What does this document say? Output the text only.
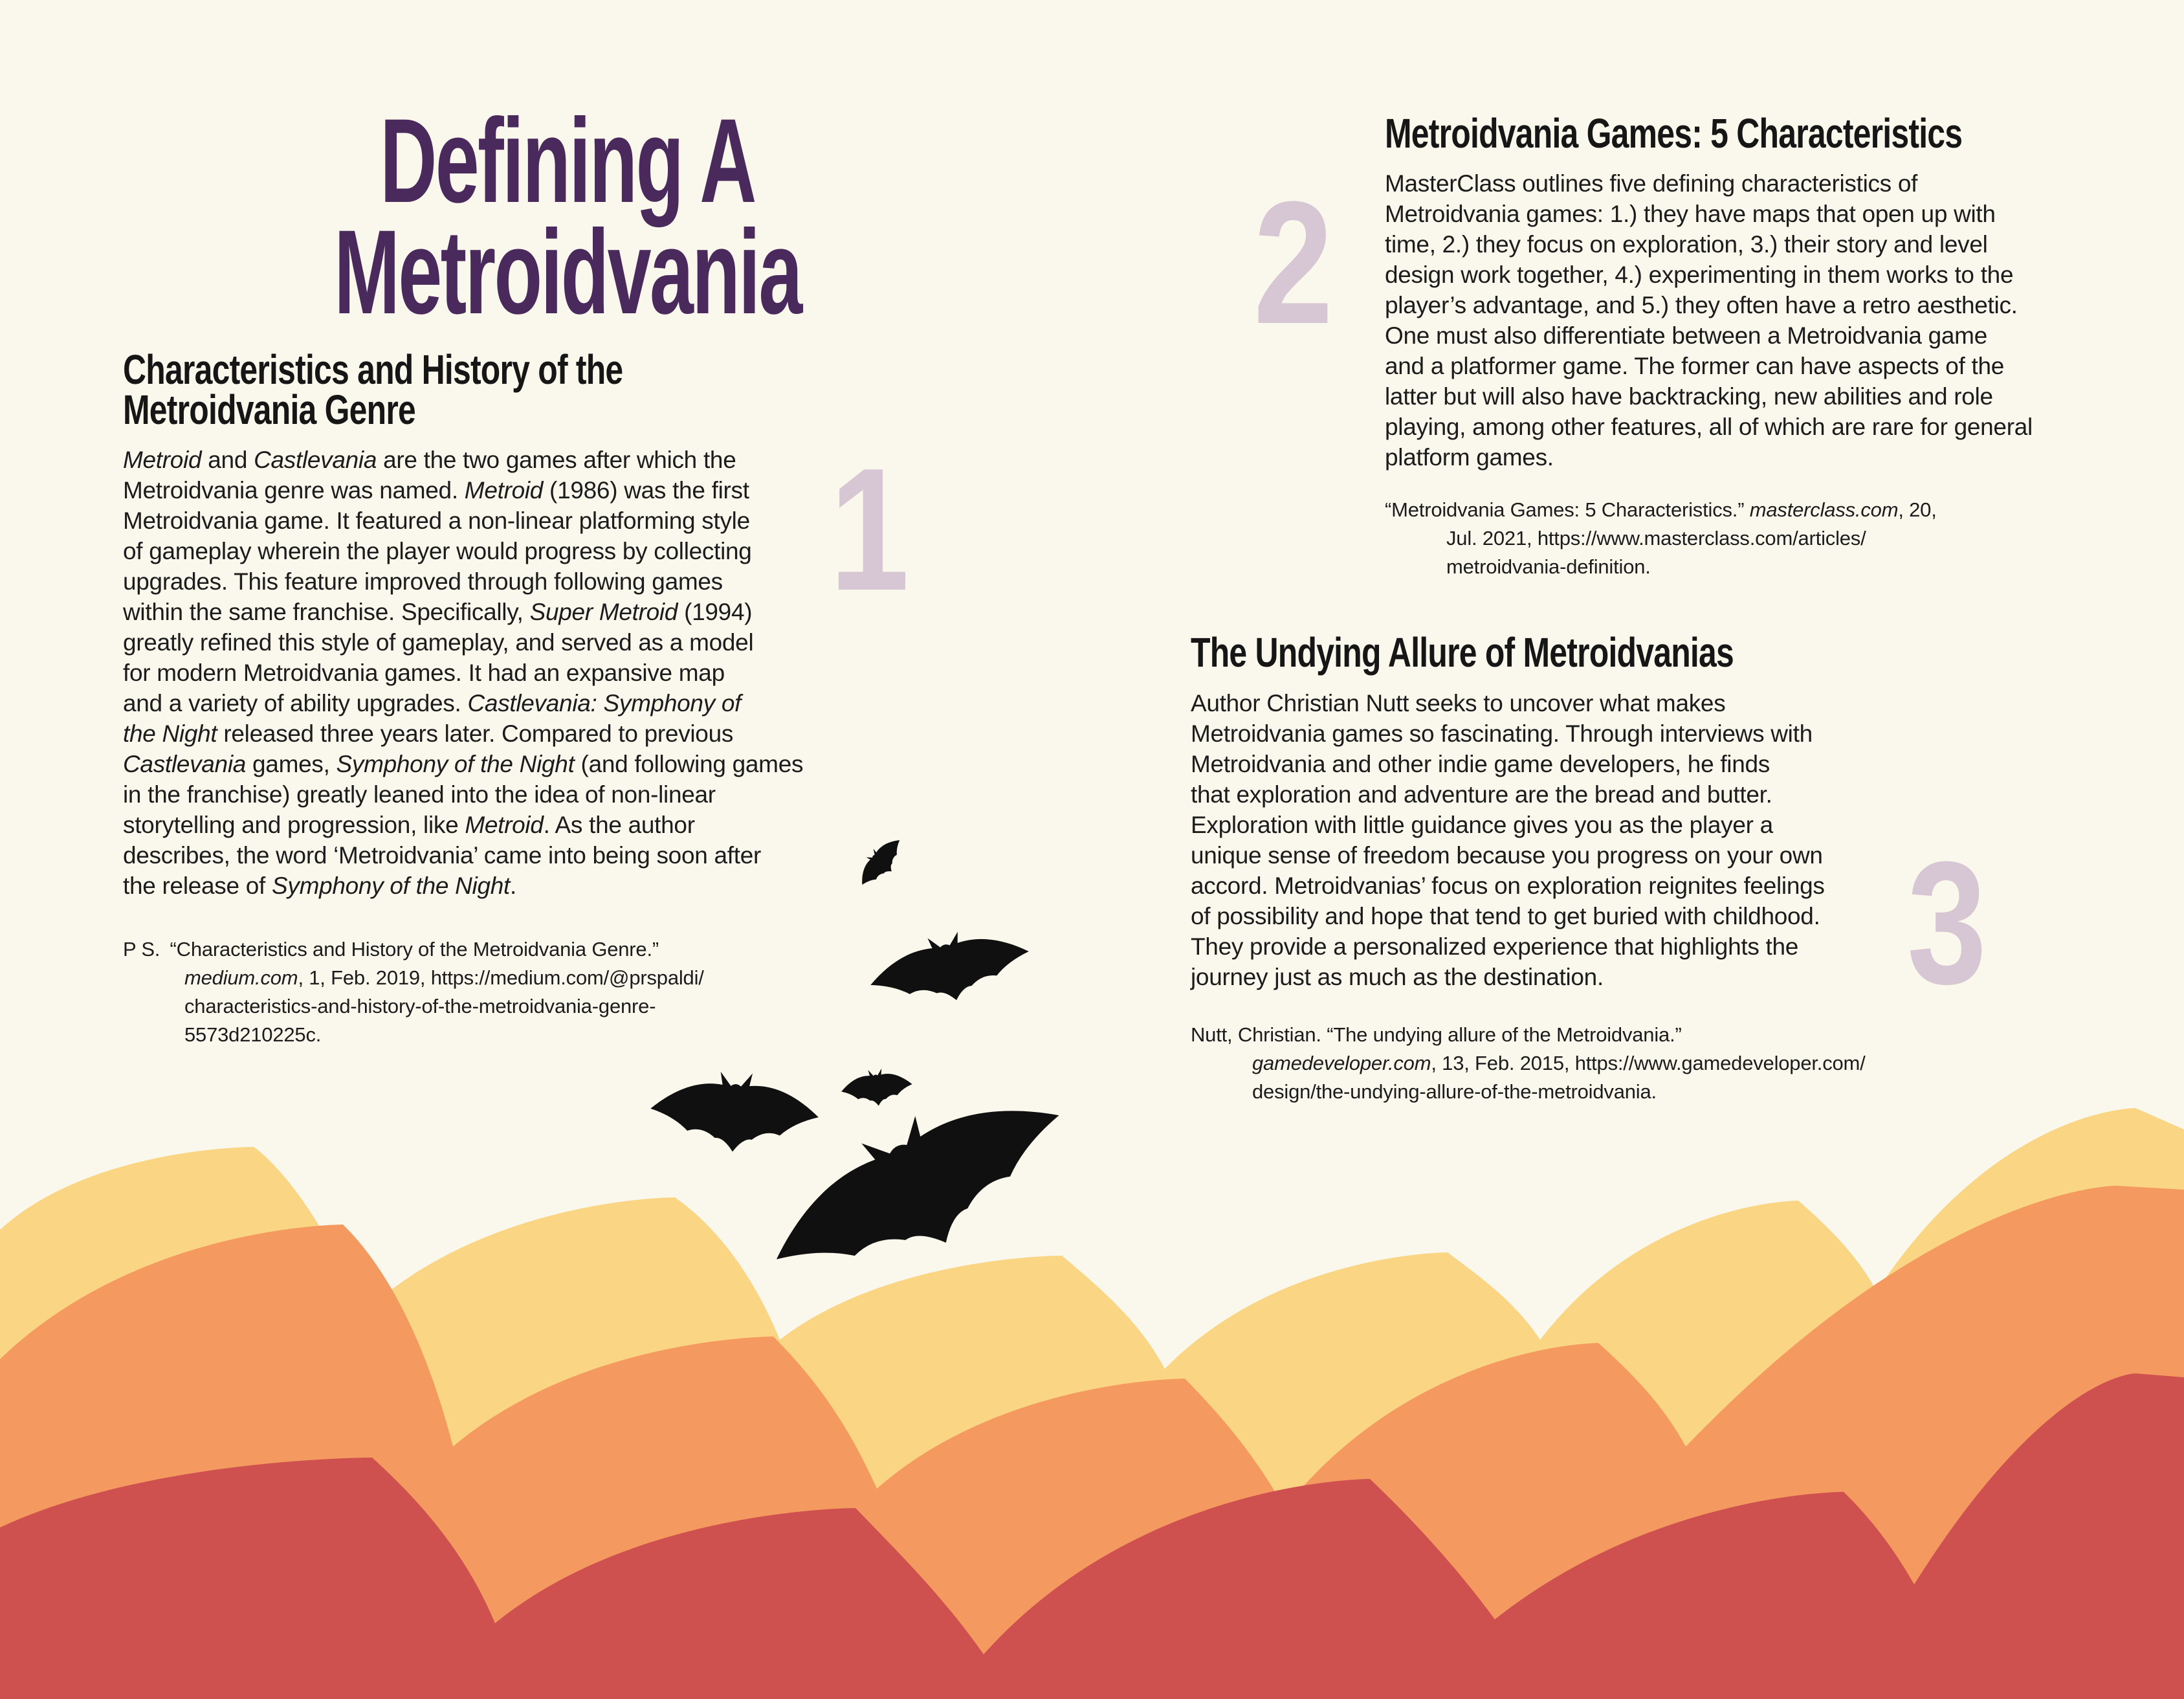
Defining A
Metroidvania
1
2
3
Characteristics and History of the
Metroidvania Genre

Metroid and Castlevania are the two games after which the
Metroidvania genre was named. Metroid (1986) was the first
Metroidvania game. It featured a non-linear platforming style
of gameplay wherein the player would progress by collecting
upgrades. This feature improved through following games
within the same franchise. Specifically, Super Metroid (1994)
greatly refined this style of gameplay, and served as a model
for modern Metroidvania games. It had an expansive map
and a variety of ability upgrades. Castlevania: Symphony of
the Night released three years later. Compared to previous
Castlevania games, Symphony of the Night (and following games
in the franchise) greatly leaned into the idea of non-linear
storytelling and progression, like Metroid. As the author
describes, the word ‘Metroidvania’ came into being soon after
the release of Symphony of the Night.

P S. “Characteristics and History of the Metroidvania Genre.”
medium.com, 1, Feb. 2019, https://medium.com/@prspaldi/
characteristics-and-history-of-the-metroidvania-genre-
5573d210225c.

Metroidvania Games: 5 Characteristics

MasterClass outlines five defining characteristics of
Metroidvania games: 1.) they have maps that open up with
time, 2.) they focus on exploration, 3.) their story and level
design work together, 4.) experimenting in them works to the
player’s advantage, and 5.) they often have a retro aesthetic.
One must also differentiate between a Metroidvania game
and a platformer game. The former can have aspects of the
latter but will also have backtracking, new abilities and role
playing, among other features, all of which are rare for general
platform games.

“Metroidvania Games: 5 Characteristics.” masterclass.com, 20,
Jul. 2021, https://www.masterclass.com/articles/
metroidvania-definition.

The Undying Allure of Metroidvanias

Author Christian Nutt seeks to uncover what makes
Metroidvania games so fascinating. Through interviews with
Metroidvania and other indie game developers, he finds
that exploration and adventure are the bread and butter.
Exploration with little guidance gives you as the player a
unique sense of freedom because you progress on your own
accord. Metroidvanias’ focus on exploration reignites feelings
of possibility and hope that tend to get buried with childhood.
They provide a personalized experience that highlights the
journey just as much as the destination.

Nutt, Christian. “The undying allure of the Metroidvania.”
gamedeveloper.com, 13, Feb. 2015, https://www.gamedeveloper.com/
design/the-undying-allure-of-the-metroidvania.
